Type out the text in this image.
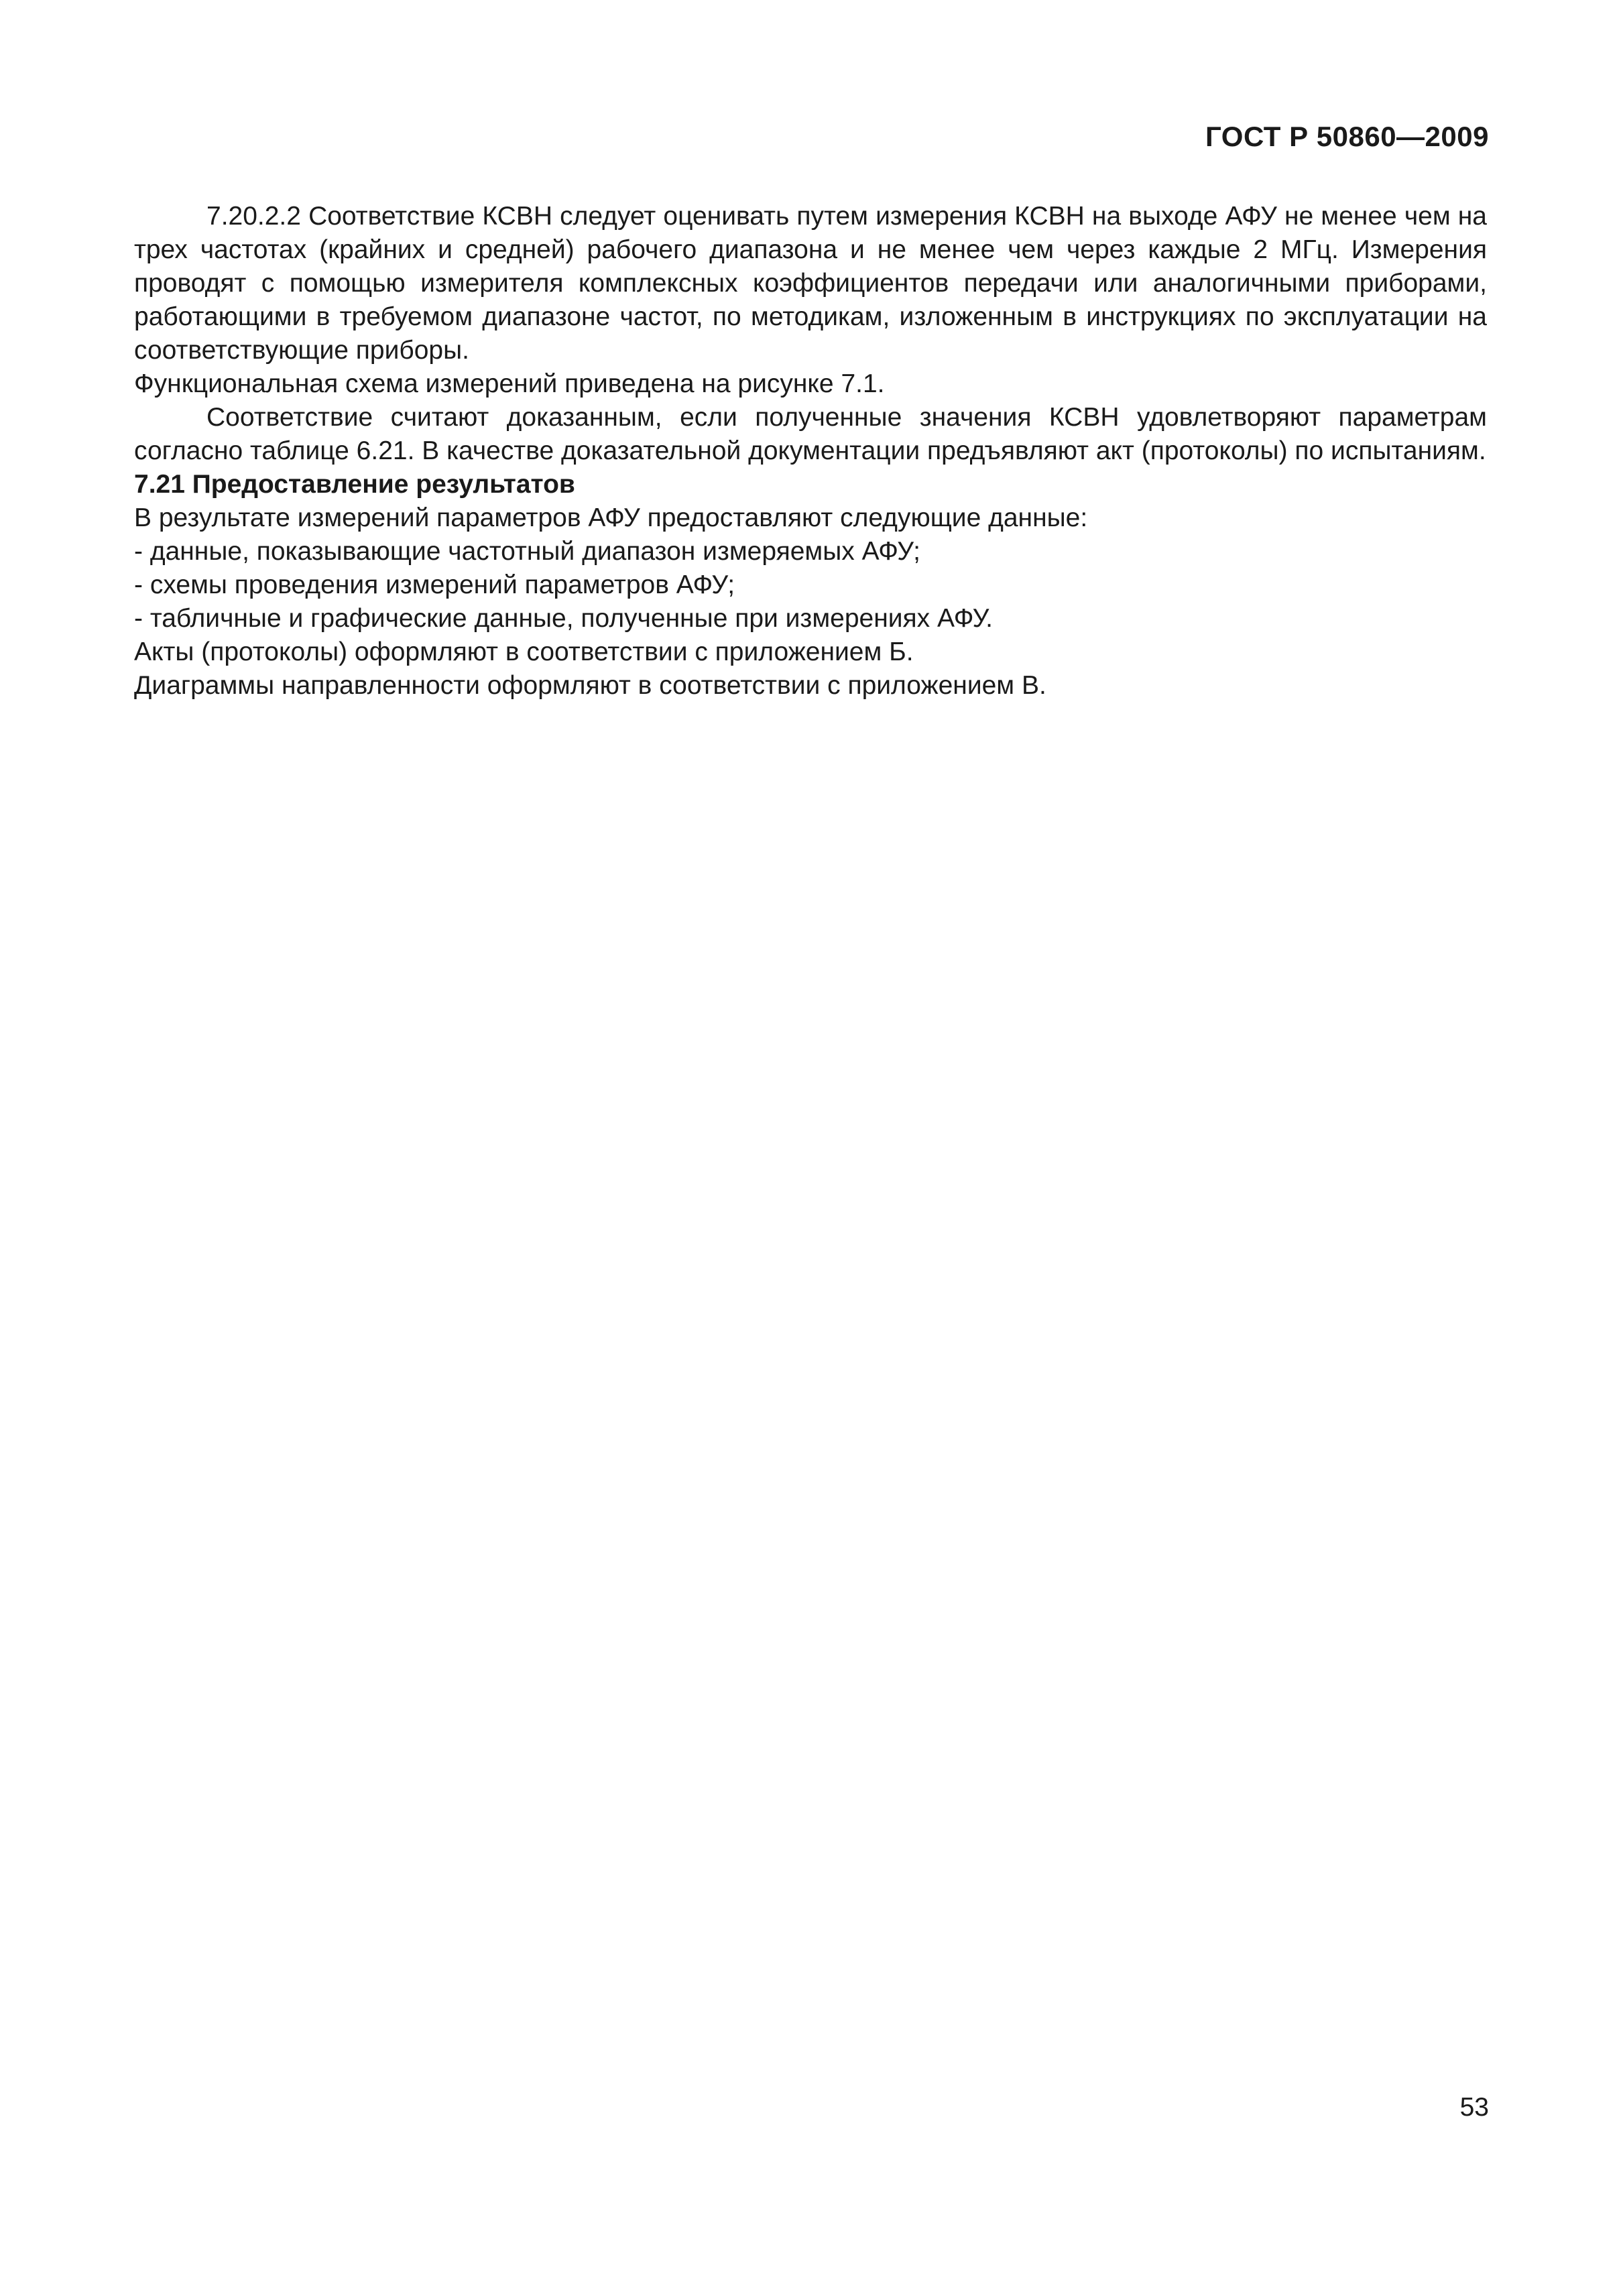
ГОСТ Р 50860—2009

7.20.2.2 Соответствие КСВН следует оценивать путем измерения КСВН на выходе АФУ не менее чем на трех частотах (крайних и средней) рабочего диапазона и не менее чем через каждые 2 МГц. Измерения проводят с помощью измерителя комплексных коэффициентов передачи или аналогичными приборами, работающими в требуемом диапазоне частот, по методикам, изложенным в инструкциях по эксплуатации на соответствующие приборы.

Функциональная схема измерений приведена на рисунке 7.1.

Соответствие считают доказанным, если полученные значения КСВН удовлетворяют параметрам согласно таблице 6.21. В качестве доказательной документации предъявляют акт (протоколы) по испытаниям.

7.21 Предоставление результатов

В результате измерений параметров АФУ предоставляют следующие данные:

- данные, показывающие частотный диапазон измеряемых АФУ;

- схемы проведения измерений параметров АФУ;

- табличные и графические данные, полученные при измерениях АФУ.

Акты (протоколы) оформляют в соответствии с приложением Б.

Диаграммы направленности оформляют в соответствии с приложением В.

53
